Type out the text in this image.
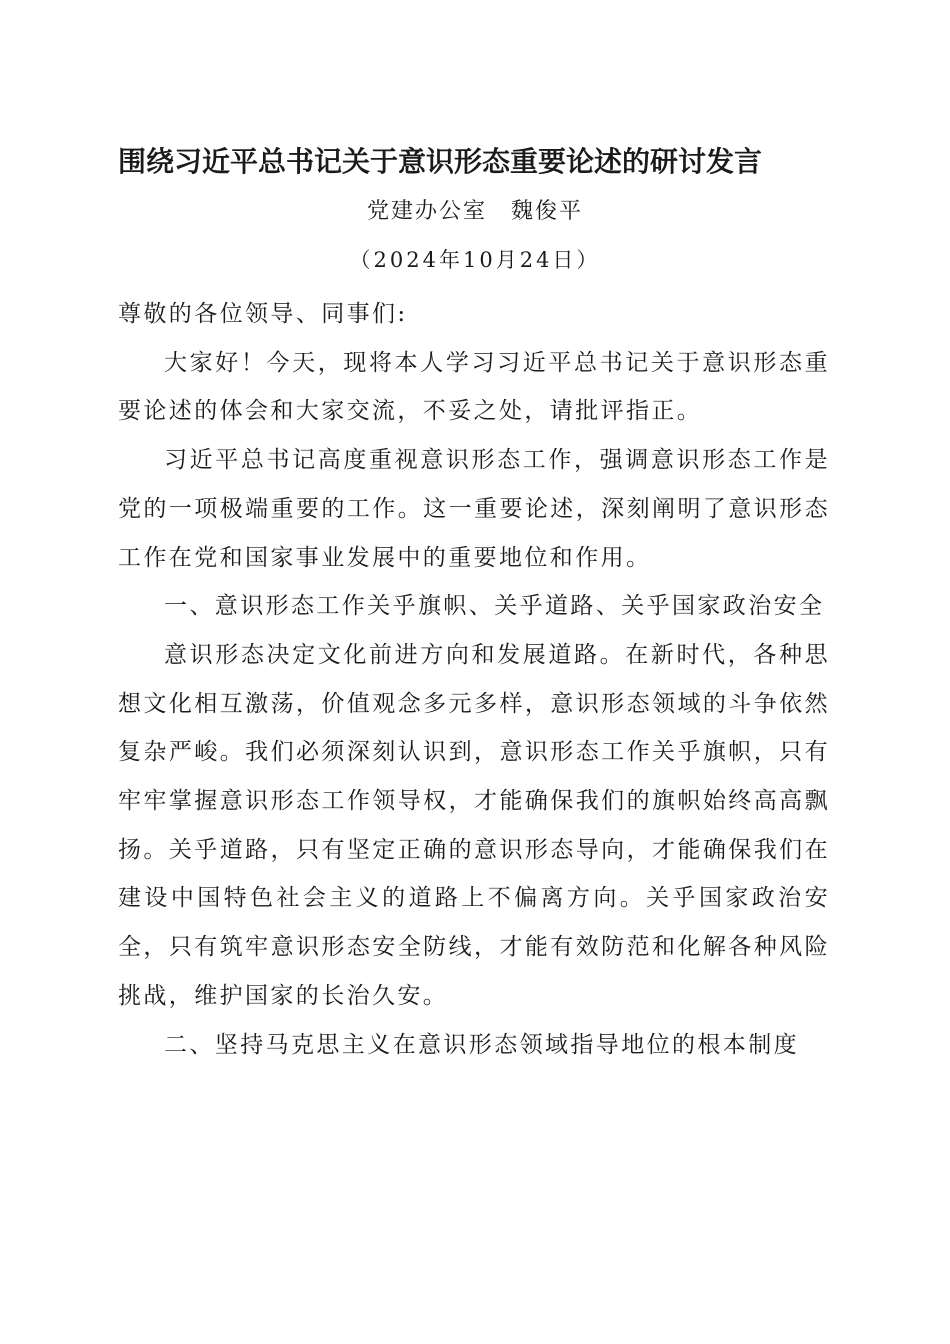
围绕习近平总书记关于意识形态重要论述的研讨发言
党建办公室　魏俊平
（2024年10月24日）

尊敬的各位领导、同事们:

大家好！今天，现将本人学习习近平总书记关于意识形态重要论述的体会和大家交流，不妥之处，请批评指正。

习近平总书记高度重视意识形态工作，强调意识形态工作是党的一项极端重要的工作。这一重要论述，深刻阐明了意识形态工作在党和国家事业发展中的重要地位和作用。

一、意识形态工作关乎旗帜、关乎道路、关乎国家政治安全

意识形态决定文化前进方向和发展道路。在新时代，各种思想文化相互激荡，价值观念多元多样，意识形态领域的斗争依然复杂严峻。我们必须深刻认识到，意识形态工作关乎旗帜，只有牢牢掌握意识形态工作领导权，才能确保我们的旗帜始终高高飘扬。关乎道路，只有坚定正确的意识形态导向，才能确保我们在建设中国特色社会主义的道路上不偏离方向。关乎国家政治安全，只有筑牢意识形态安全防线，才能有效防范和化解各种风险挑战，维护国家的长治久安。

二、坚持马克思主义在意识形态领域指导地位的根本制度
